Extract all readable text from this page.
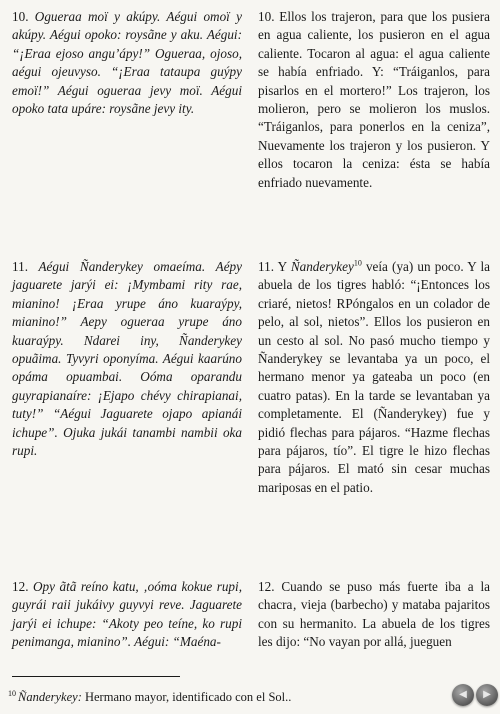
10. Ogueraa moï y akúpy. Aégui omoï y akúpy. Aégui opoko: roysãne y aku. Aégui: “¡Eraa ejoso angu’ápy!” Ogueraa, ojoso, aégui ojeuvyso. “¡Eraa tataupa guýpy emoï!” Aégui ogueraa jevy moï. Aégui opoko tata upáre: roysãne jevy ity.

10. Ellos los trajeron, para que los pusiera en agua caliente, los pusieron en el agua caliente. Tocaron al agua: el agua caliente se había enfriado. Y: “Tráiganlos, para pisarlos en el mortero!” Los trajeron, los molieron, pero se molieron los muslos. “Tráiganlos, para ponerlos en la ceniza”, Nuevamente los trajeron y los pusieron. Y ellos tocaron la ceniza: ésta se había enfriado nuevamente.

11. Aégui Ñanderykey omaeíma. Aépy jaguarete jarýi ei: ¡Mymbami rity rae, mianino! ¡Eraa yrupe áno kuaraýpy, mianino!” Aepy ogueraa yrupe áno kuaraýpy. Ndarei iny, Ñanderykey opuãima. Tyvyri oponyíma. Aégui kaarúno opáma opuambai. Oóma oparandu guyrapianaíre: ¡Ejapo chévy chirapianai, tuty!” “Aégui Jaguarete ojapo apianái ichupe”. Ojuka jukái tanambi nambii oka rupi.

11. Y Ñanderykey$^{10}$ veía (ya) un poco. Y la abuela de los tigres habló: “¡Entonces los criaré, nietos! RPóngalos en un colador de pelo, al sol, nietos”. Ellos los pusieron en un cesto al sol. No pasó mucho tiempo y Ñanderykey se levantaba ya un poco, el hermano menor ya gateaba un poco (en cuatro patas). En la tarde se levantaban ya completamente. El (Ñanderykey) fue y pidió flechas para pájaros. “Hazme flechas para pájaros, tío”. El tigre le hizo flechas para pájaros. El mató sin cesar muchas mariposas en el patio.

12. Opy ãtã reíno katu, ‚oóma kokue rupi, guyrái raii jukáivy guyvyi reve. Jaguarete jarýi ei ichupe: “Akoty peo teíne, ko rupi penimanga, mianino”. Aégui: “Maéna-

12. Cuando se puso más fuerte iba a la chacra‚ vieja (barbecho) y mataba pajaritos con su hermanito. La abuela de los tigres les dijo: “No vayan por allá, jueguen

$^{10}$ Ñanderykey: Hermano mayor, identificado con el Sol..	◀	▶
